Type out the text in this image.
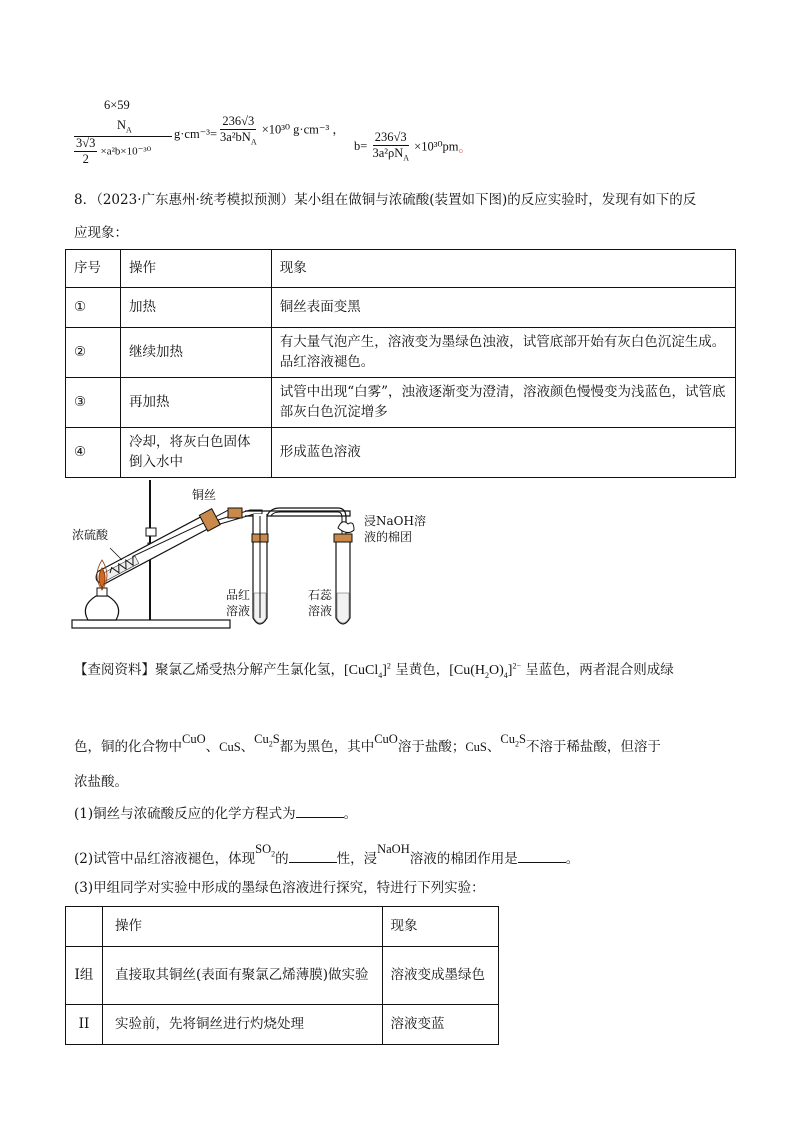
6×59
$N_A$
$\frac{3√3}{2} \times a^2b\times 10^{-30}$
$g\cdot cm^{-3}= \frac{236√3}{3a^2bN_A} \times 10^{30}$ g·cm⁻³ ，
$b= \frac{236√3}{3a^2\rho N_A} \times 10^{30}pm$。
8．（2023·广东惠州·统考模拟预测）某小组在做铜与浓硫酸(装置如下图)的反应实验时，发现有如下的反
应现象：
序号	操作	现象
①	加热	铜丝表面变黑
②	继续加热	有大量气泡产生，溶液变为墨绿色浊液，试管底部开始有灰白色沉淀生成。品红溶液褪色。
③	再加热	试管中出现“白雾”，浊液逐渐变为澄清，溶液颜色慢慢变为浅蓝色，试管底部灰白色沉淀增多
④	冷却，将灰白色固体倒入水中	形成蓝色溶液
浓硫酸
铜丝
品红
溶液
石蕊
溶液
浸NaOH溶
液的棉团
【查阅资料】聚氯乙烯受热分解产生氯化氢，[CuCl$_4$]$^2$ 呈黄色，$[Cu(H_2O)_4]^{2-}$ 呈蓝色，两者混合则成绿
色，铜的化合物中CuO、CuS、$Cu_2S$都为黑色，其中CuO溶于盐酸；CuS、$Cu_2S$不溶于稀盐酸，但溶于
浓盐酸。
(1)铜丝与浓硫酸反应的化学方程式为	。
(2)试管中品红溶液褪色，体现$SO_2$的	性，浸NaOH溶液的棉团作用是	。
(3)甲组同学对实验中形成的墨绿色溶液进行探究，特进行下列实验：
	操作	现象
I组	直接取其铜丝(表面有聚氯乙烯薄膜)做实验	溶液变成墨绿色
II	实验前，先将铜丝进行灼烧处理	溶液变蓝
